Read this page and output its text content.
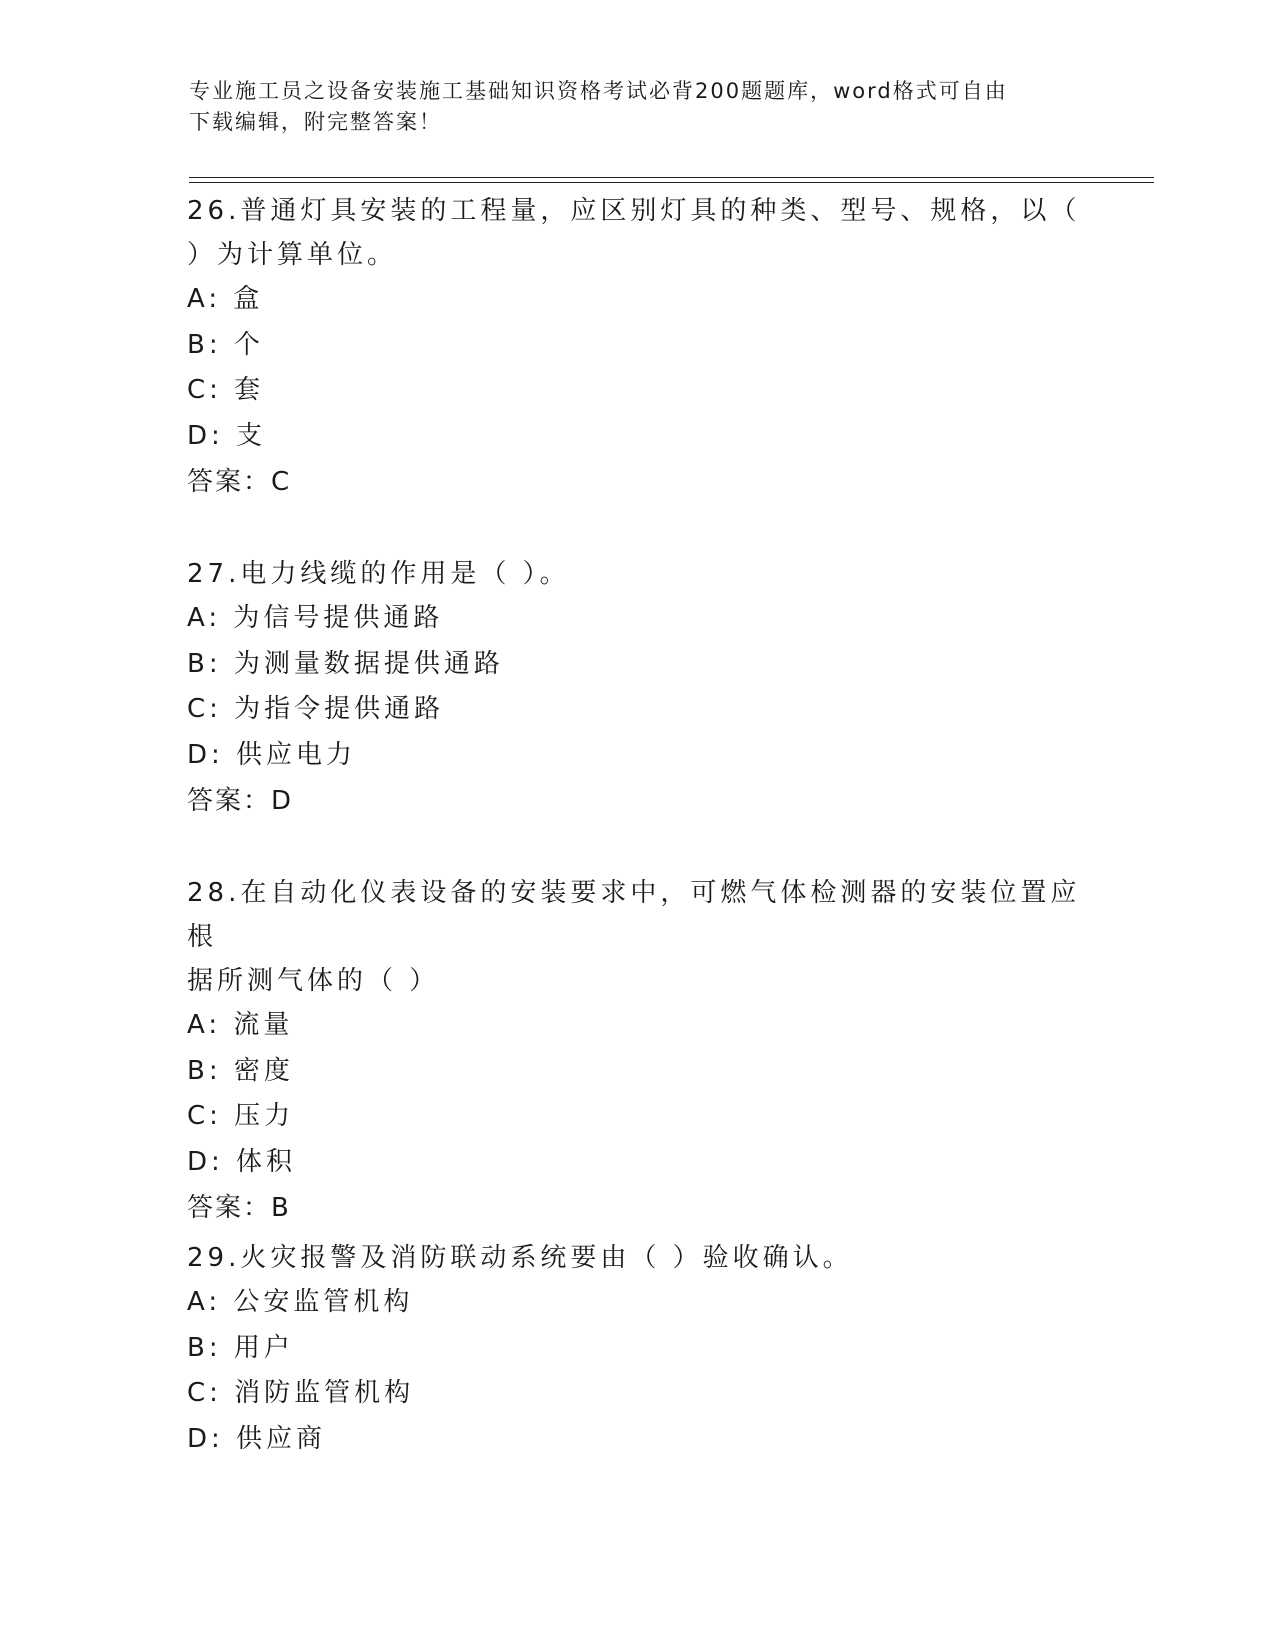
专业施工员之设备安装施工基础知识资格考试必背200题题库，word格式可自由
下载编辑，附完整答案！

26.普通灯具安装的工程量，应区别灯具的种类、型号、规格，以（

）为计算单位。

A: 盒

B: 个

C: 套

D: 支

答案：C

27.电力线缆的作用是（ ）。

A: 为信号提供通路

B: 为测量数据提供通路

C: 为指令提供通路

D: 供应电力

答案：D

28.在自动化仪表设备的安装要求中，可燃气体检测器的安装位置应根

据所测气体的（ ）

A: 流量

B: 密度

C: 压力

D: 体积

答案：B

29.火灾报警及消防联动系统要由（ ）验收确认。

A: 公安监管机构

B: 用户

C: 消防监管机构

D: 供应商
